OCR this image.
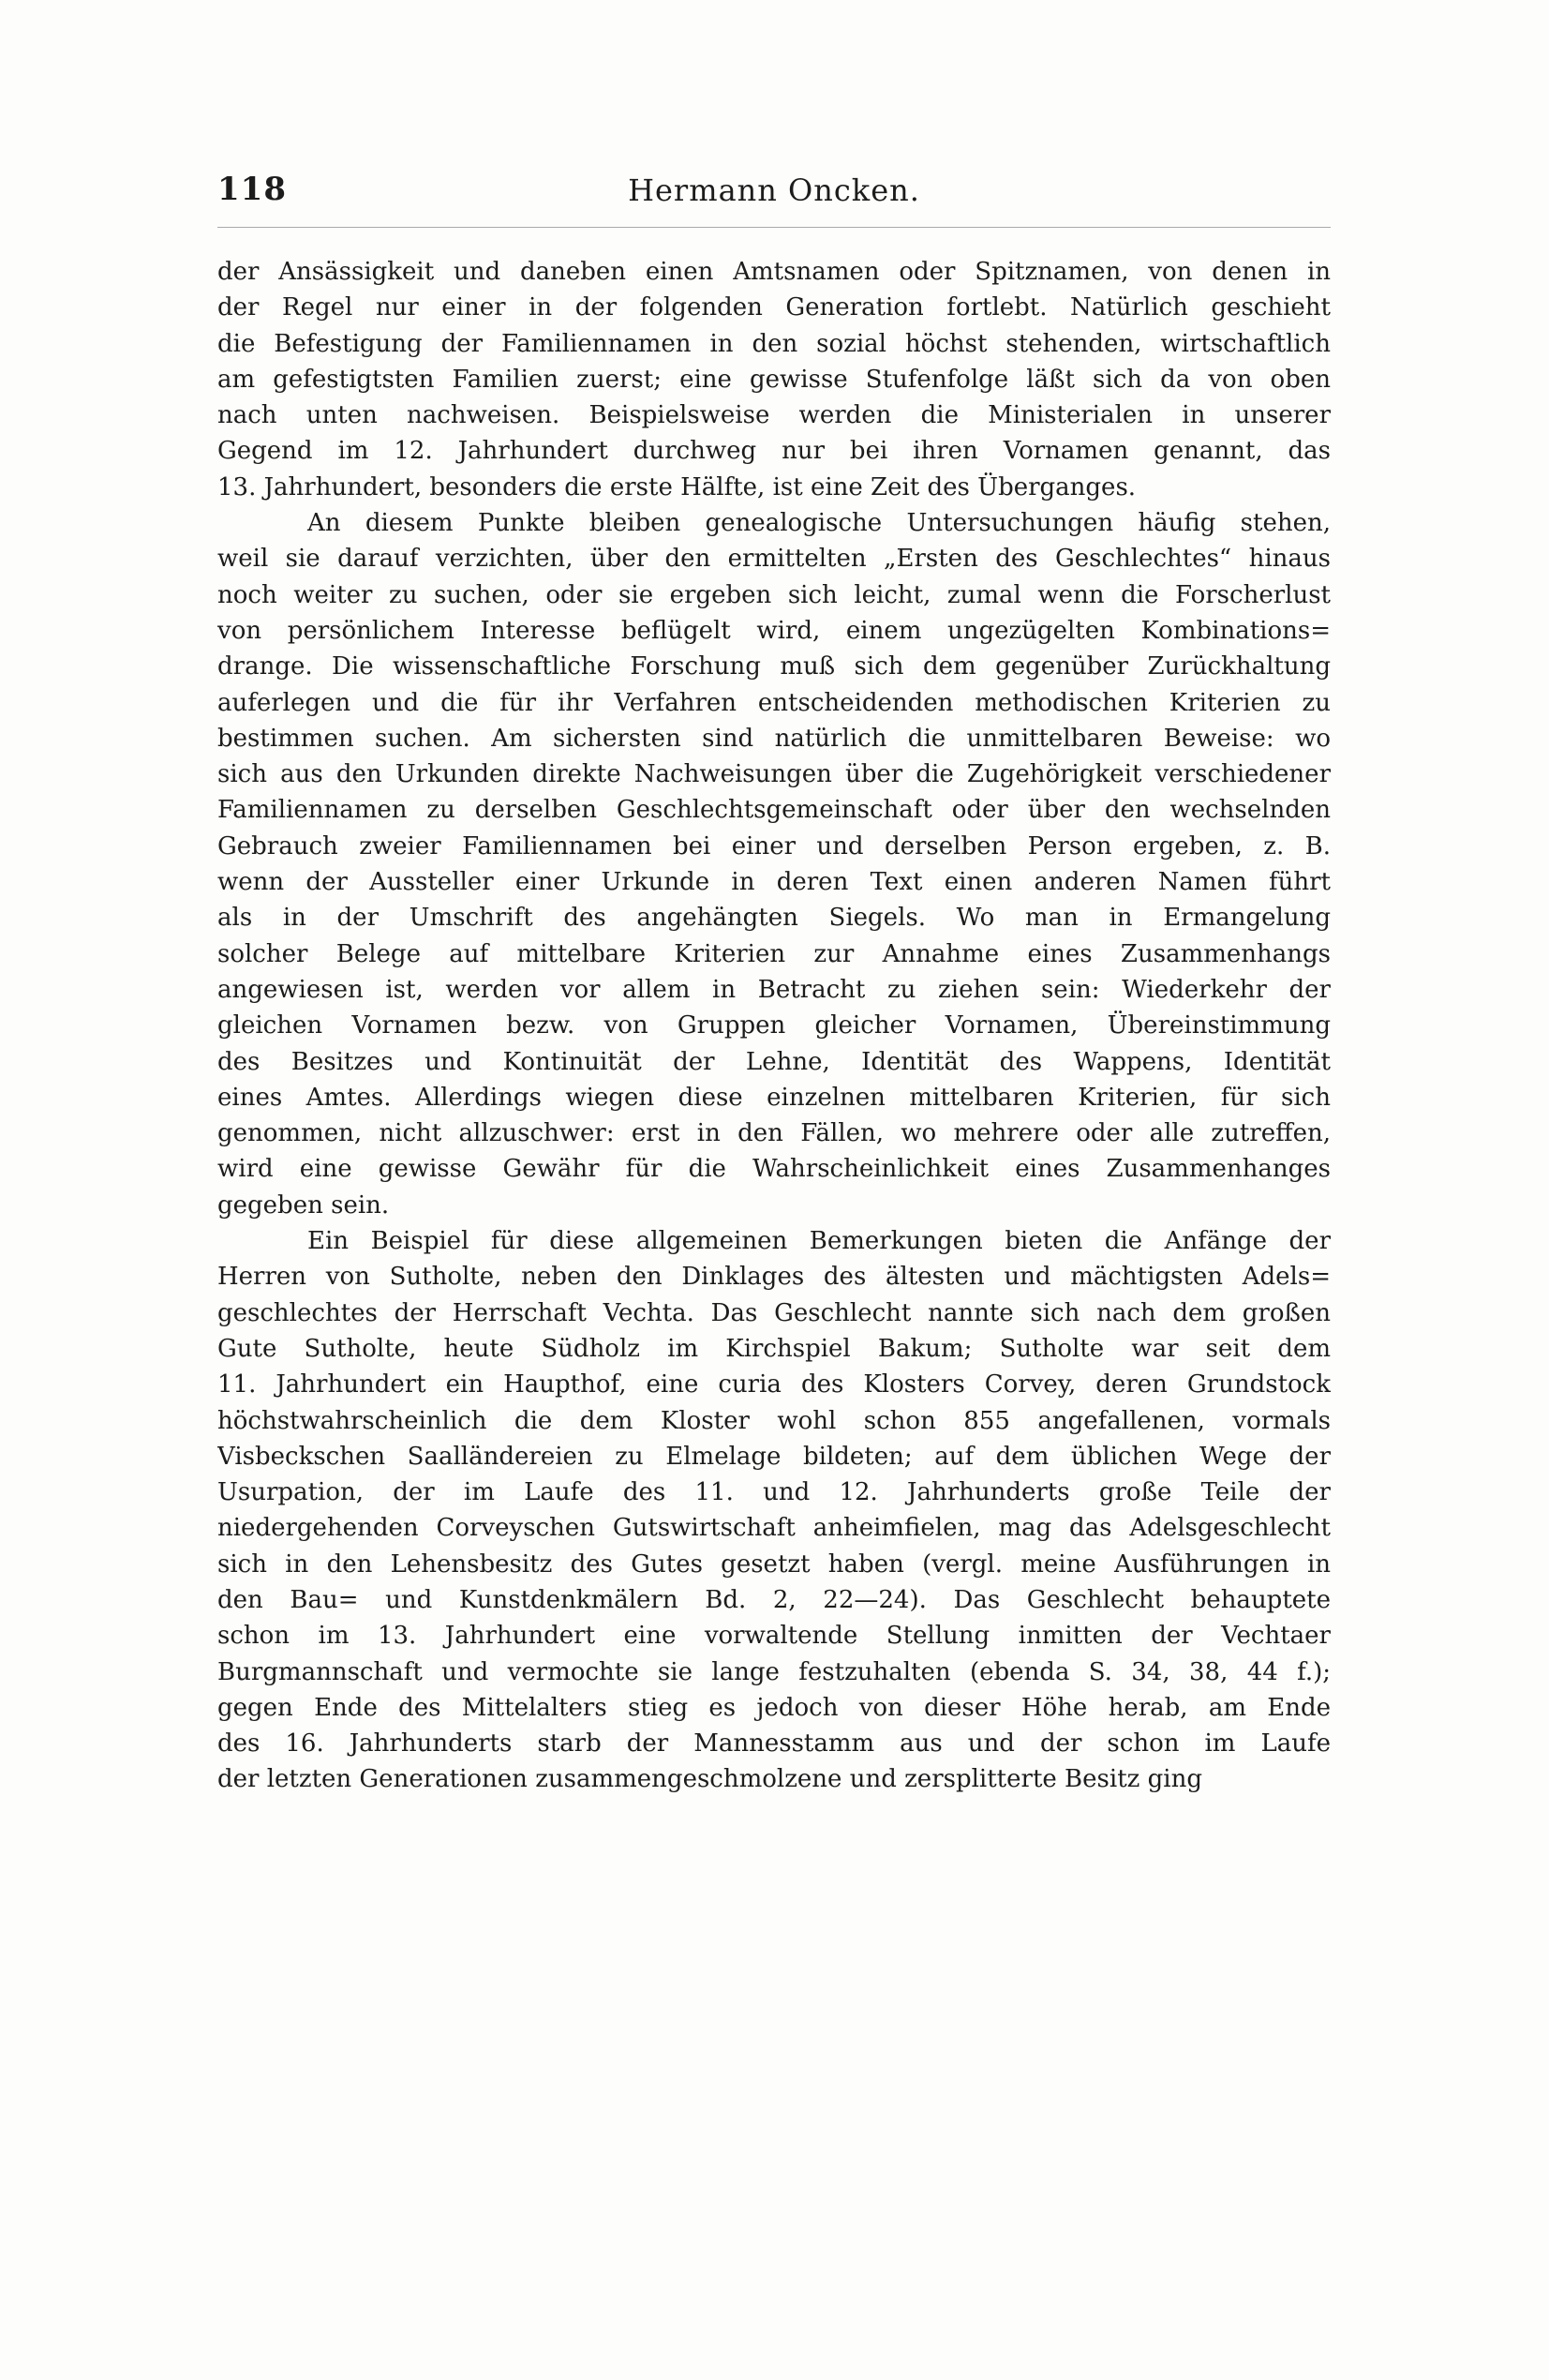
118	Hermann Oncken.
der Ansässigkeit und daneben einen Amtsnamen oder Spitznamen, von denen in
der Regel nur einer in der folgenden Generation fortlebt. Natürlich geschieht
die Befestigung der Familiennamen in den sozial höchst stehenden, wirtschaftlich
am gefestigtsten Familien zuerst; eine gewisse Stufenfolge läßt sich da von oben
nach unten nachweisen. Beispielsweise werden die Ministerialen in unserer
Gegend im 12. Jahrhundert durchweg nur bei ihren Vornamen genannt, das
13. Jahrhundert, besonders die erste Hälfte, ist eine Zeit des Überganges.
An diesem Punkte bleiben genealogische Untersuchungen häufig stehen,
weil sie darauf verzichten, über den ermittelten „Ersten des Geschlechtes“ hinaus
noch weiter zu suchen, oder sie ergeben sich leicht, zumal wenn die Forscherlust
von persönlichem Interesse beflügelt wird, einem ungezügelten Kombinations=
drange. Die wissenschaftliche Forschung muß sich dem gegenüber Zurückhaltung
auferlegen und die für ihr Verfahren entscheidenden methodischen Kriterien zu
bestimmen suchen. Am sichersten sind natürlich die unmittelbaren Beweise: wo
sich aus den Urkunden direkte Nachweisungen über die Zugehörigkeit verschiedener
Familiennamen zu derselben Geschlechtsgemeinschaft oder über den wechselnden
Gebrauch zweier Familiennamen bei einer und derselben Person ergeben, z. B.
wenn der Aussteller einer Urkunde in deren Text einen anderen Namen führt
als in der Umschrift des angehängten Siegels. Wo man in Ermangelung
solcher Belege auf mittelbare Kriterien zur Annahme eines Zusammenhangs
angewiesen ist, werden vor allem in Betracht zu ziehen sein: Wiederkehr der
gleichen Vornamen bezw. von Gruppen gleicher Vornamen, Übereinstimmung
des Besitzes und Kontinuität der Lehne, Identität des Wappens, Identität
eines Amtes. Allerdings wiegen diese einzelnen mittelbaren Kriterien, für sich
genommen, nicht allzuschwer: erst in den Fällen, wo mehrere oder alle zutreffen,
wird eine gewisse Gewähr für die Wahrscheinlichkeit eines Zusammenhanges
gegeben sein.
Ein Beispiel für diese allgemeinen Bemerkungen bieten die Anfänge der
Herren von Sutholte, neben den Dinklages des ältesten und mächtigsten Adels=
geschlechtes der Herrschaft Vechta. Das Geschlecht nannte sich nach dem großen
Gute Sutholte, heute Südholz im Kirchspiel Bakum; Sutholte war seit dem
11. Jahrhundert ein Haupthof, eine curia des Klosters Corvey, deren Grundstock
höchstwahrscheinlich die dem Kloster wohl schon 855 angefallenen, vormals
Visbeckschen Saalländereien zu Elmelage bildeten; auf dem üblichen Wege der
Usurpation, der im Laufe des 11. und 12. Jahrhunderts große Teile der
niedergehenden Corveyschen Gutswirtschaft anheimfielen, mag das Adelsgeschlecht
sich in den Lehensbesitz des Gutes gesetzt haben (vergl. meine Ausführungen in
den Bau= und Kunstdenkmälern Bd. 2, 22—24). Das Geschlecht behauptete
schon im 13. Jahrhundert eine vorwaltende Stellung inmitten der Vechtaer
Burgmannschaft und vermochte sie lange festzuhalten (ebenda S. 34, 38, 44 f.);
gegen Ende des Mittelalters stieg es jedoch von dieser Höhe herab, am Ende
des 16. Jahrhunderts starb der Mannesstamm aus und der schon im Laufe
der letzten Generationen zusammengeschmolzene und zersplitterte Besitz ging
